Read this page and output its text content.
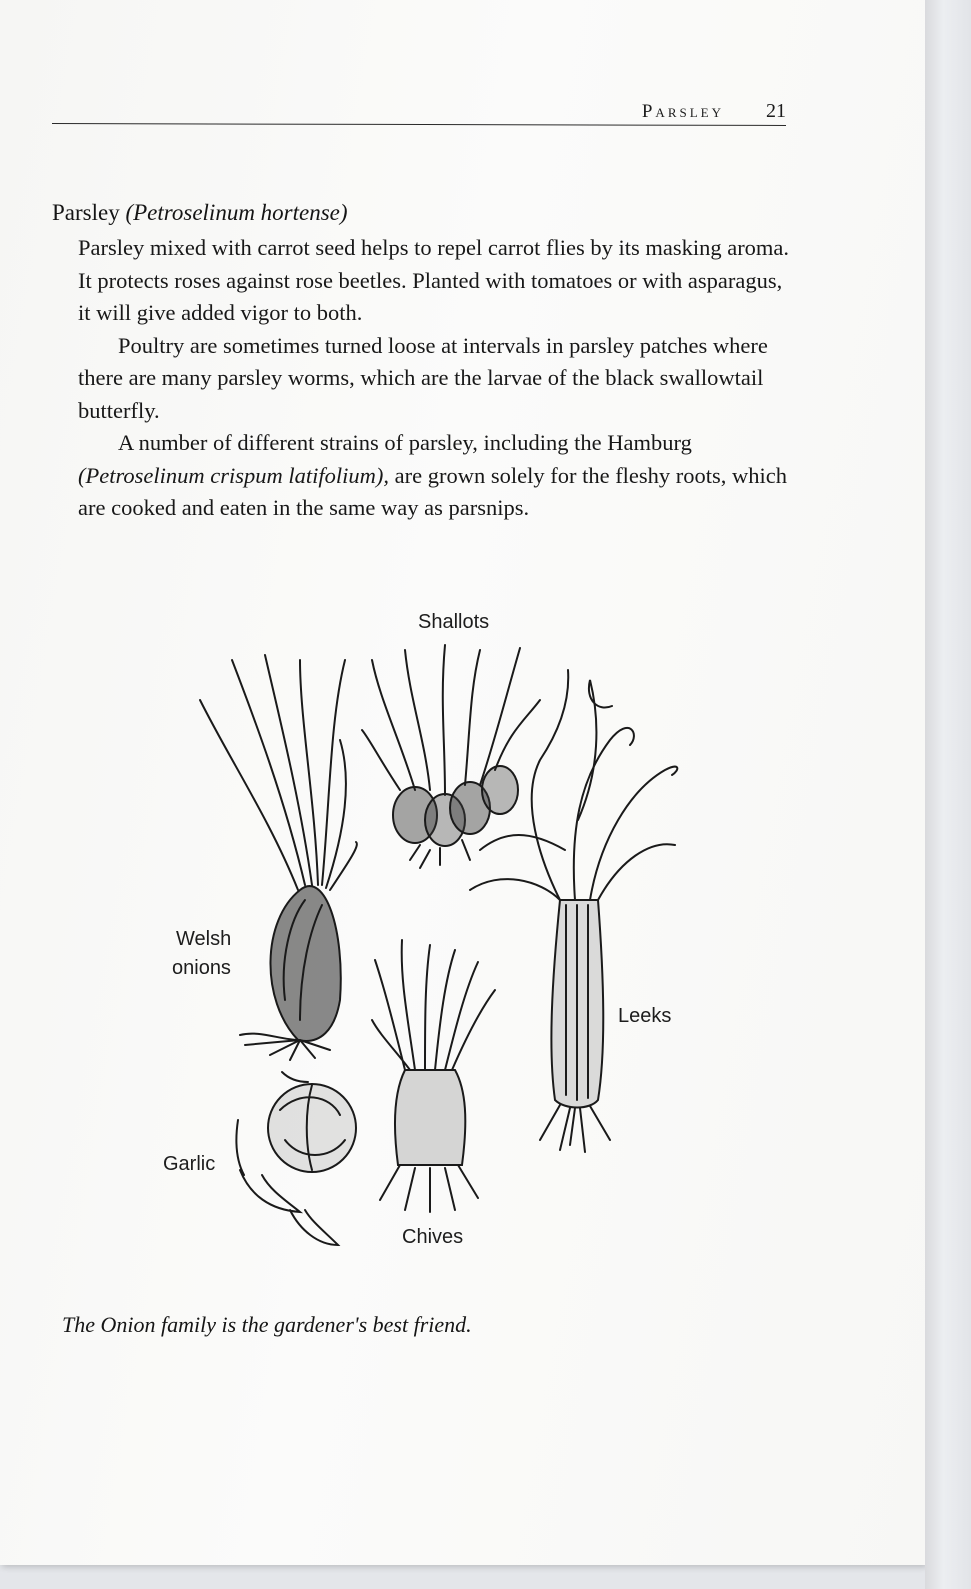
Parsley 21
Parsley (Petroselinum hortense)

Parsley mixed with carrot seed helps to repel carrot flies by its masking aroma. It protects roses against rose beetles. Planted with tomatoes or with asparagus, it will give added vigor to both.

Poultry are sometimes turned loose at intervals in parsley patches where there are many parsley worms, which are the larvae of the black swallowtail butterfly.

A number of different strains of parsley, including the Hamburg (Petroselinum crispum latifolium), are grown solely for the fleshy roots, which are cooked and eaten in the same way as parsnips.

Shallots
Welsh
onions
Leeks
Garlic
Chives
The Onion family is the gardener's best friend.
